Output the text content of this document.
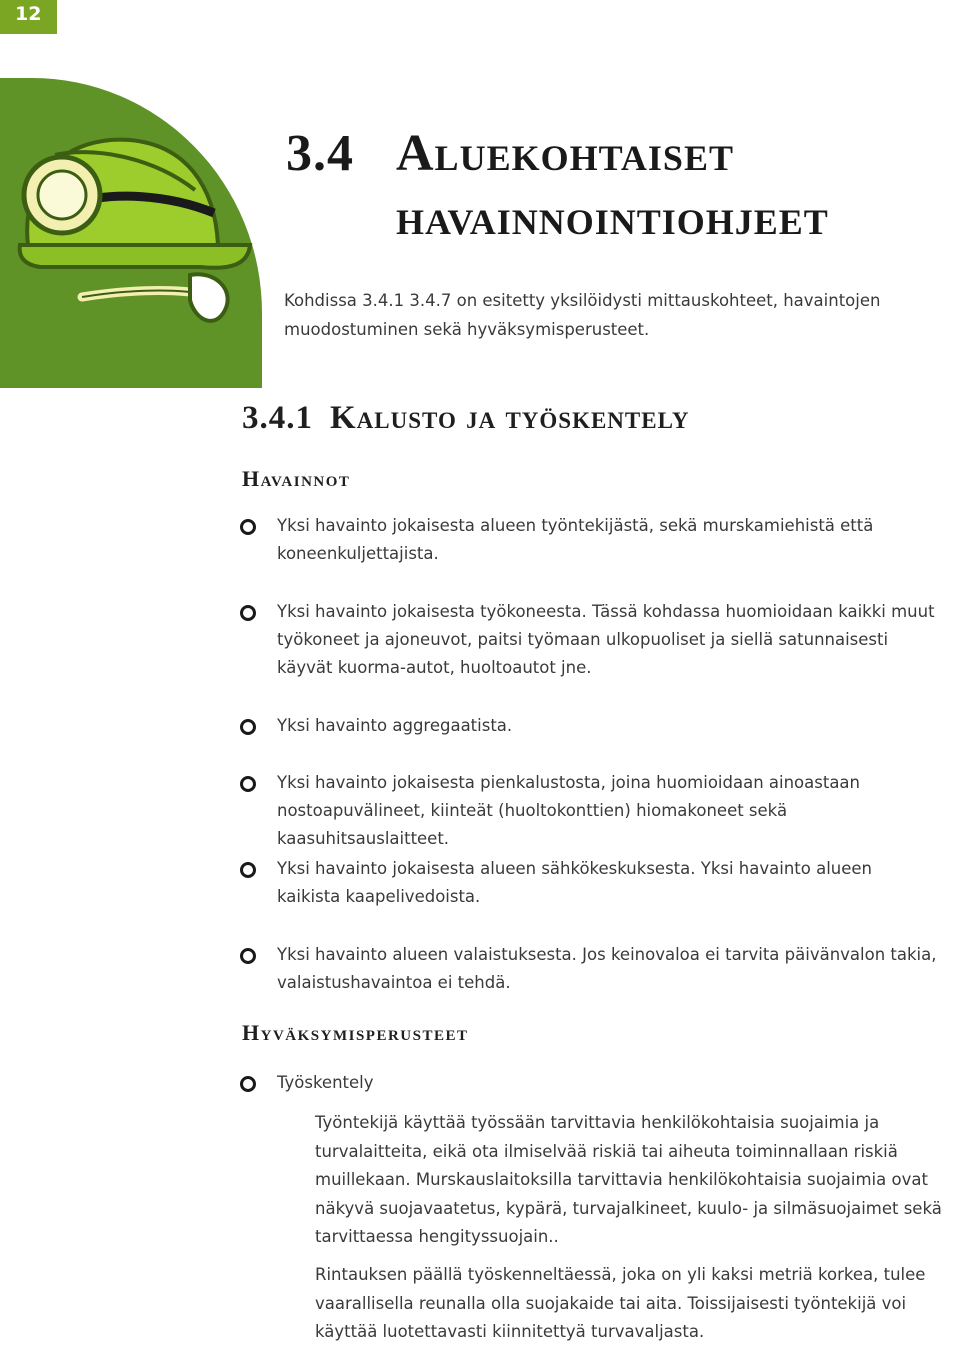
12
3.4 Aluekohtaiset
havainnointiohjeet
Kohdissa 3.4.1 3.4.7 on esitetty yksilöidysti mittauskohteet, havaintojen muodostuminen sekä hyväksymisperusteet.
3.4.1 Kalusto ja työskentely
Havainnot
Yksi havainto jokaisesta alueen työntekijästä, sekä murskamiehistä että koneenkuljettajista.
Yksi havainto jokaisesta työkoneesta. Tässä kohdassa huomioidaan kaikki muut työkoneet ja ajoneuvot, paitsi työmaan ulkopuoliset ja siellä satunnaisesti käyvät kuorma-autot, huoltoautot jne.
Yksi havainto aggregaatista.
Yksi havainto jokaisesta pienkalustosta, joina huomioidaan ainoastaan nostoapuvälineet, kiinteät (huoltokonttien) hiomakoneet sekä kaasuhitsauslaitteet.
Yksi havainto jokaisesta alueen sähkökeskuksesta. Yksi havainto alueen kaikista kaapelivedoista.
Yksi havainto alueen valaistuksesta. Jos keinovaloa ei tarvita päivänvalon takia, valaistushavaintoa ei tehdä.
Hyväksymisperusteet
Työskentely
Työntekijä käyttää työssään tarvittavia henkilökohtaisia suojaimia ja turvalaitteita, eikä ota ilmiselvää riskiä tai aiheuta toiminnallaan riskiä muillekaan. Murskauslaitoksilla tarvittavia henkilökohtaisia suojaimia ovat näkyvä suojavaatetus, kypärä, turvajalkineet, kuulo- ja silmäsuojaimet sekä tarvittaessa hengityssuojain..
Rintauksen päällä työskenneltäessä, joka on yli kaksi metriä korkea, tulee vaarallisella reunalla olla suojakaide tai aita. Toissijaisesti työntekijä voi käyttää luotettavasti kiinnitettyä turvavaljasta.
